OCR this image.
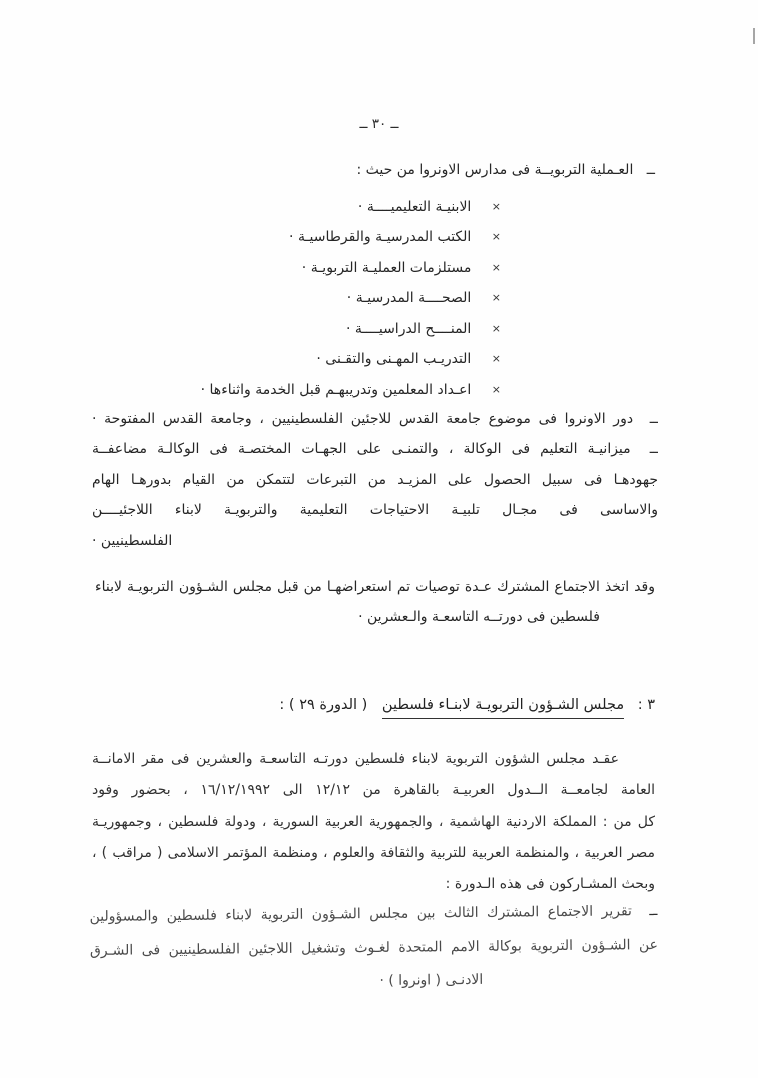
ــ ٣٠ ــ
ــ العـملية التربويــة فى مدارس الاونروا من حيث :
× الابنيـة التعليميــــة ·
× الكتب المدرسيـة والقرطاسيـة ·
× مستلزمات العمليـة التربويـة ·
× الصحــــة المدرسيـة ·
× المنــــح الدراسيــــة ·
× التدريـب المهـنى والتقـنى ·
× اعـداد المعلمين وتدريبهـم قبل الخدمة واثناءها ·
ــ دور الاونروا فى موضوع جامعة القدس للاجئين الفلسطينيين ، وجامعة القدس المفتوحة ·
ــ ميزانيـة التعليم فى الوكالة ، والتمنـى على الجهـات المختصـة فى الوكالـة مضاعفــة
جهودهـا فى سبيل الحصول على المزيـد من التبرعات لتتمكن من القيام بدورهـا الهام
والاساسى فى مجـال تلبيـة الاحتياجات التعليمية والتربويـة لابناء اللاجئيــــن
الفلسطينيين ·
وقد اتخذ الاجتماع المشترك عـدة توصيات تم استعراضهـا من قبل مجلس الشـؤون التربويـة لابناء
فلسطين فى دورتــه التاسعـة والـعشرين ·
٣ : مجلس الشـؤون التربويـة لابنـاء فلسطين ( الدورة ٢٩ ) :
عقـد مجلس الشؤون التربوية لابناء فلسطين دورتـه التاسعـة والعشرين فى مقر الامانــة
العامة لجامعــة الــدول العربيـة بالقاهرة من ١٢/١٢ الى ١٦/١٢/١٩٩٢ ، بحضور وفود
كل من : المملكة الاردنية الهاشمية ، والجمهورية العربية السورية ، ودولة فلسطين ، وجمهوريـة
مصر العربية ، والمنظمة العربية للتربية والثقافة والعلوم ، ومنظمة المؤتمر الاسلامى ( مراقب ) ،
وبحث المشـاركون فى هذه الـدورة :
ــ تقرير الاجتماع المشترك الثالث بين مجلس الشـؤون التربوية لابناء فلسطين والمسؤولين
عن الشـؤون التربوية بوكالة الامم المتحدة لغـوث وتشغيل اللاجئين الفلسطينيين فى الشـرق
الادنـى ( اونروا ) ·
